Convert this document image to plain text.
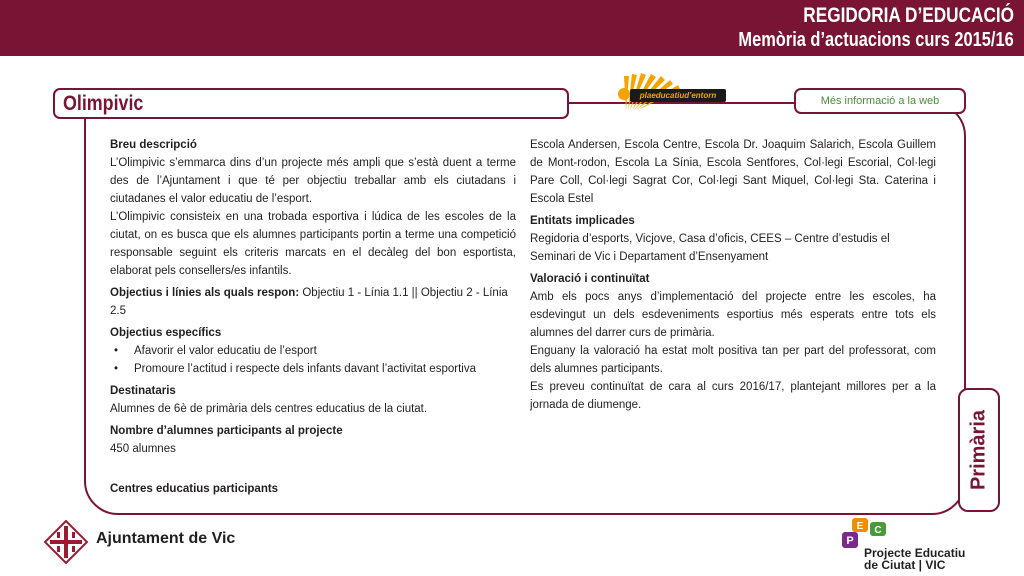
REGIDORIA D’EDUCACIÓ
Memòria d’actuacions curs 2015/16
Olimpivic	plaeducatiud’entorn	Més informació a la web
Primària
Breu descripció
L’Olimpivic s’emmarca dins d’un projecte més ampli que s’està duent a terme des de l’Ajuntament i que té per objectiu treballar amb els ciutadans i ciutadanes el valor educatiu de l’esport.
L’Olimpivic consisteix en una trobada esportiva i lúdica de les escoles de la ciutat, on es busca que els alumnes participants portin a terme una competició responsable seguint els criteris marcats en el decàleg del bon esportista, elaborat pels consellers/es infantils.
Objectius i línies als quals respon: Objectiu 1 - Línia 1.1 || Objectiu 2 - Línia 2.5
Objectius específics
• Afavorir el valor educatiu de l’esport
• Promoure l’actitud i respecte dels infants davant l’activitat esportiva
Destinataris
Alumnes de 6è de primària dels centres educatius de la ciutat.
Nombre d’alumnes participants al projecte
450 alumnes
Centres educatius participants
Escola Andersen, Escola Centre, Escola Dr. Joaquim Salarich, Escola Guillem de Mont-rodon, Escola La Sínia, Escola Sentfores, Col·legi Escorial, Col·legi Pare Coll, Col·legi Sagrat Cor, Col·legi Sant Miquel, Col·legi Sta. Caterina i Escola Estel
Entitats implicades
Regidoria d’esports, Vicjove, Casa d’oficis, CEES – Centre d’estudis el Seminari de Vic i Departament d’Ensenyament
Valoració i continuïtat
Amb els pocs anys d’implementació del projecte entre les escoles, ha esdevingut un dels esdeveniments esportius més esperats entre tots els alumnes del darrer curs de primària.
Enguany la valoració ha estat molt positiva tan per part del professorat, com dels alumnes participants.
Es preveu continuïtat de cara al curs 2016/17, plantejant millores per a la jornada de diumenge.
Ajuntament de Vic
E C
P
Projecte Educatiu
de Ciutat | VIC
